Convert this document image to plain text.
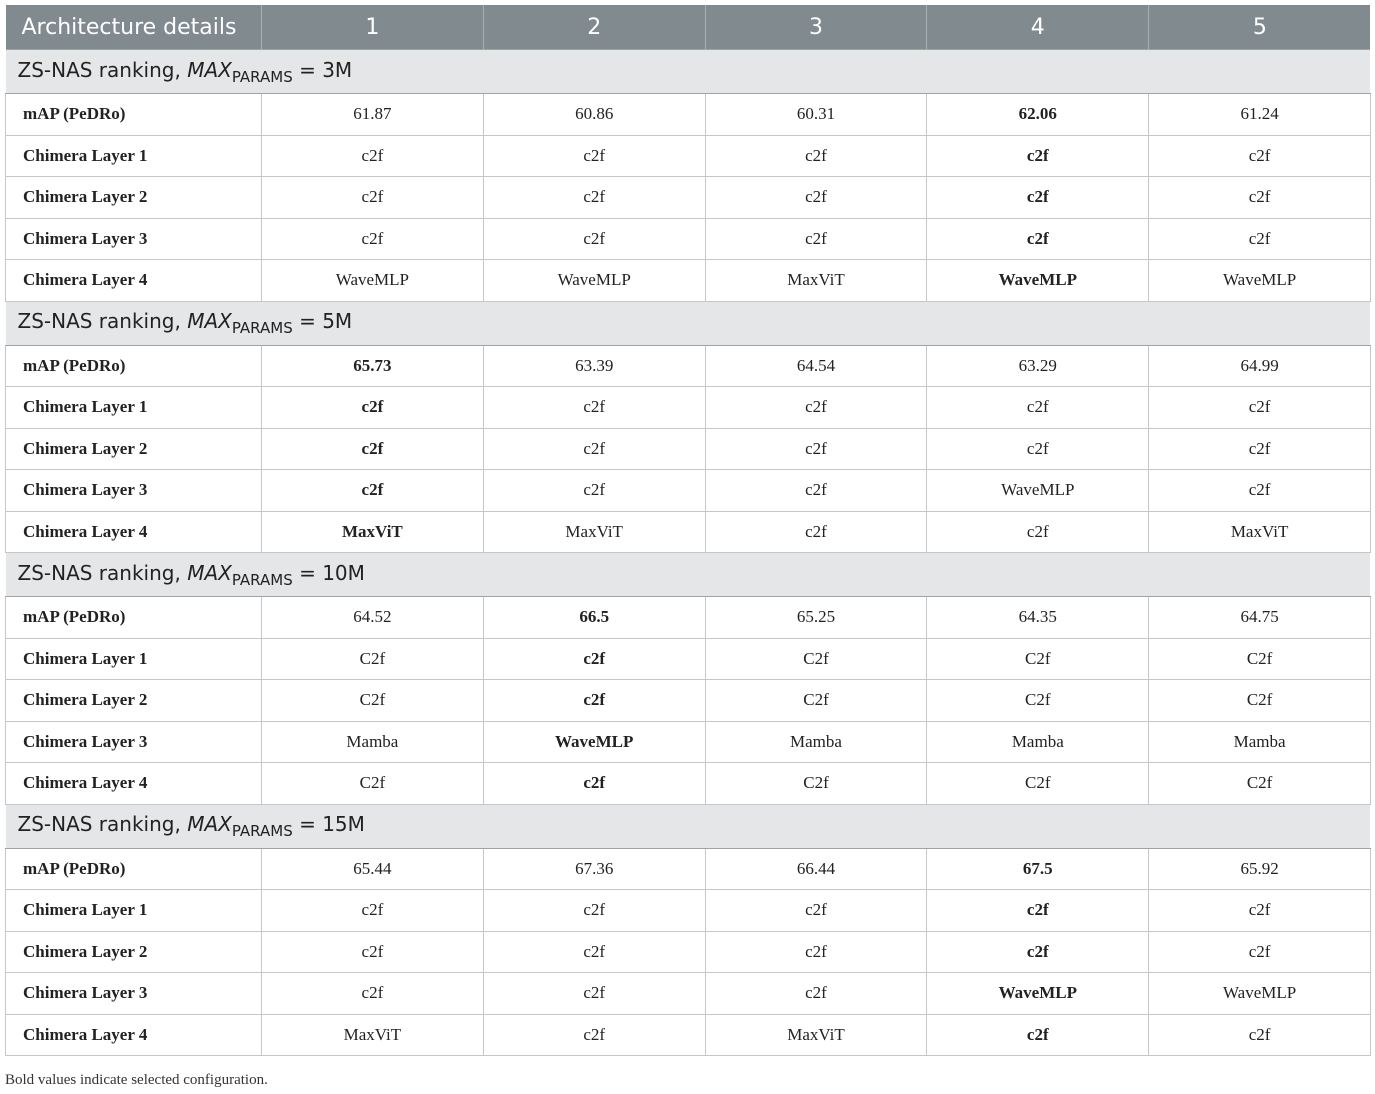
Architecture details	1	2	3	4	5
ZS-NAS ranking, $MAX_{PARAMS} = 3M$					
mAP (PeDRo)	61.87	60.86	60.31	62.06	61.24
Chimera Layer 1	c2f	c2f	c2f	c2f	c2f
Chimera Layer 2	c2f	c2f	c2f	c2f	c2f
Chimera Layer 3	c2f	c2f	c2f	c2f	c2f
Chimera Layer 4	WaveMLP	WaveMLP	MaxViT	WaveMLP	WaveMLP
ZS-NAS ranking, $MAX_{PARAMS} = 5M$					
mAP (PeDRo)	65.73	63.39	64.54	63.29	64.99
Chimera Layer 1	c2f	c2f	c2f	c2f	c2f
Chimera Layer 2	c2f	c2f	c2f	c2f	c2f
Chimera Layer 3	c2f	c2f	c2f	WaveMLP	c2f
Chimera Layer 4	MaxViT	MaxViT	c2f	c2f	MaxViT
ZS-NAS ranking, $MAX_{PARAMS} = 10M$					
mAP (PeDRo)	64.52	66.5	65.25	64.35	64.75
Chimera Layer 1	C2f	c2f	C2f	C2f	C2f
Chimera Layer 2	C2f	c2f	C2f	C2f	C2f
Chimera Layer 3	Mamba	WaveMLP	Mamba	Mamba	Mamba
Chimera Layer 4	C2f	c2f	C2f	C2f	C2f
ZS-NAS ranking, $MAX_{PARAMS} = 15M$					
mAP (PeDRo)	65.44	67.36	66.44	67.5	65.92
Chimera Layer 1	c2f	c2f	c2f	c2f	c2f
Chimera Layer 2	c2f	c2f	c2f	c2f	c2f
Chimera Layer 3	c2f	c2f	c2f	WaveMLP	WaveMLP
Chimera Layer 4	MaxViT	c2f	MaxViT	c2f	c2f
Bold values indicate selected configuration.
